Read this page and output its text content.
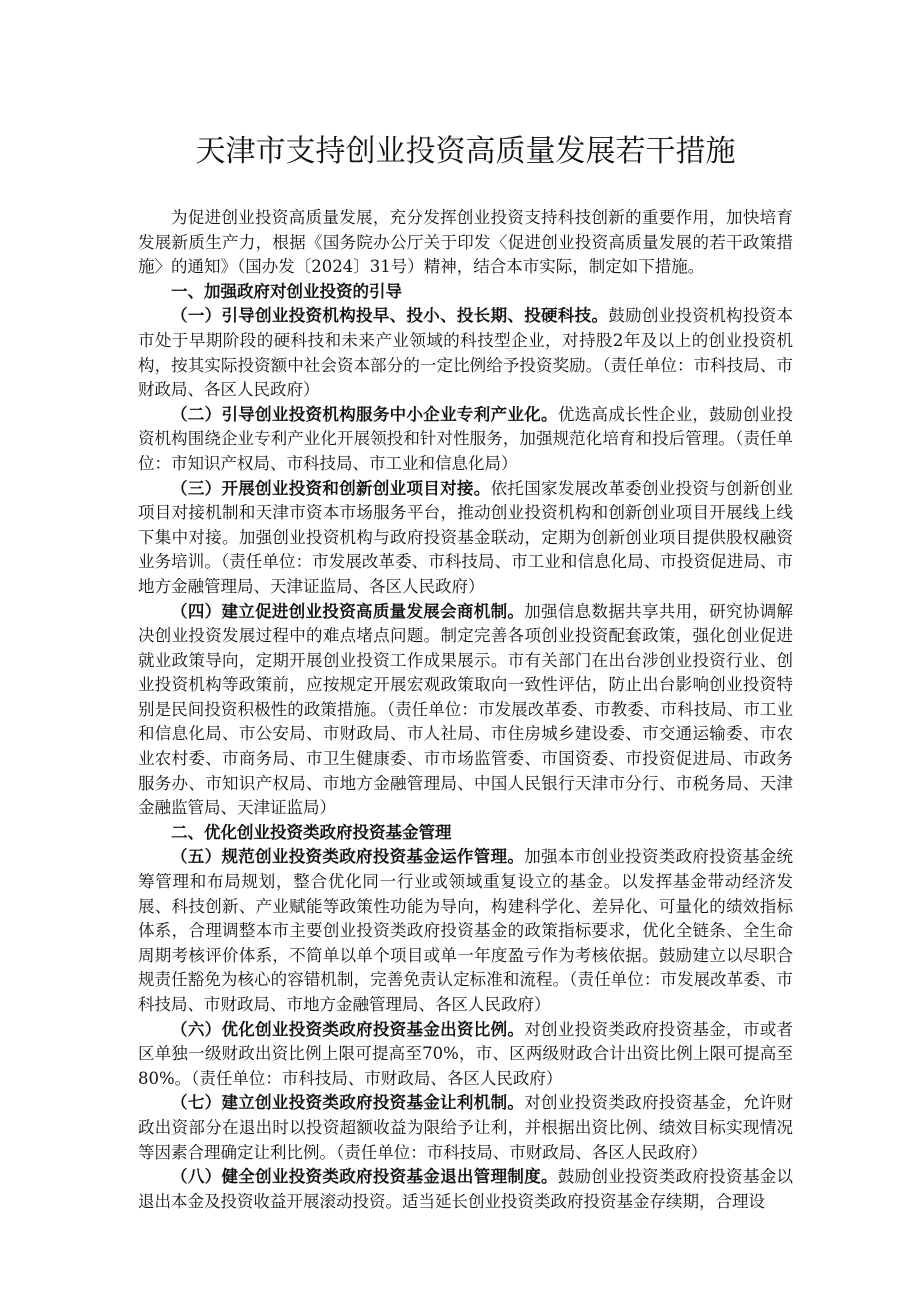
天津市支持创业投资高质量发展若干措施

为促进创业投资高质量发展，充分发挥创业投资支持科技创新的重要作用，加快培育发展新质生产力，根据《国务院办公厅关于印发〈促进创业投资高质量发展的若干政策措施〉的通知》（国办发〔2024〕31号）精神，结合本市实际，制定如下措施。

一、加强政府对创业投资的引导

（一）引导创业投资机构投早、投小、投长期、投硬科技。鼓励创业投资机构投资本市处于早期阶段的硬科技和未来产业领域的科技型企业，对持股2年及以上的创业投资机构，按其实际投资额中社会资本部分的一定比例给予投资奖励。（责任单位：市科技局、市财政局、各区人民政府）

（二）引导创业投资机构服务中小企业专利产业化。优选高成长性企业，鼓励创业投资机构围绕企业专利产业化开展领投和针对性服务，加强规范化培育和投后管理。（责任单位：市知识产权局、市科技局、市工业和信息化局）

（三）开展创业投资和创新创业项目对接。依托国家发展改革委创业投资与创新创业项目对接机制和天津市资本市场服务平台，推动创业投资机构和创新创业项目开展线上线下集中对接。加强创业投资机构与政府投资基金联动，定期为创新创业项目提供股权融资业务培训。（责任单位：市发展改革委、市科技局、市工业和信息化局、市投资促进局、市地方金融管理局、天津证监局、各区人民政府）

（四）建立促进创业投资高质量发展会商机制。加强信息数据共享共用，研究协调解决创业投资发展过程中的难点堵点问题。制定完善各项创业投资配套政策，强化创业促进就业政策导向，定期开展创业投资工作成果展示。市有关部门在出台涉创业投资行业、创业投资机构等政策前，应按规定开展宏观政策取向一致性评估，防止出台影响创业投资特别是民间投资积极性的政策措施。（责任单位：市发展改革委、市教委、市科技局、市工业和信息化局、市公安局、市财政局、市人社局、市住房城乡建设委、市交通运输委、市农业农村委、市商务局、市卫生健康委、市市场监管委、市国资委、市投资促进局、市政务服务办、市知识产权局、市地方金融管理局、中国人民银行天津市分行、市税务局、天津金融监管局、天津证监局）

二、优化创业投资类政府投资基金管理

（五）规范创业投资类政府投资基金运作管理。加强本市创业投资类政府投资基金统筹管理和布局规划，整合优化同一行业或领域重复设立的基金。以发挥基金带动经济发展、科技创新、产业赋能等政策性功能为导向，构建科学化、差异化、可量化的绩效指标体系，合理调整本市主要创业投资类政府投资基金的政策指标要求，优化全链条、全生命周期考核评价体系，不简单以单个项目或单一年度盈亏作为考核依据。鼓励建立以尽职合规责任豁免为核心的容错机制，完善免责认定标准和流程。（责任单位：市发展改革委、市科技局、市财政局、市地方金融管理局、各区人民政府）

（六）优化创业投资类政府投资基金出资比例。对创业投资类政府投资基金，市或者区单独一级财政出资比例上限可提高至70%，市、区两级财政合计出资比例上限可提高至80%。（责任单位：市科技局、市财政局、各区人民政府）

（七）建立创业投资类政府投资基金让利机制。对创业投资类政府投资基金，允许财政出资部分在退出时以投资超额收益为限给予让利，并根据出资比例、绩效目标实现情况等因素合理确定让利比例。（责任单位：市科技局、市财政局、各区人民政府）

（八）健全创业投资类政府投资基金退出管理制度。鼓励创业投资类政府投资基金以退出本金及投资收益开展滚动投资。适当延长创业投资类政府投资基金存续期，合理设
